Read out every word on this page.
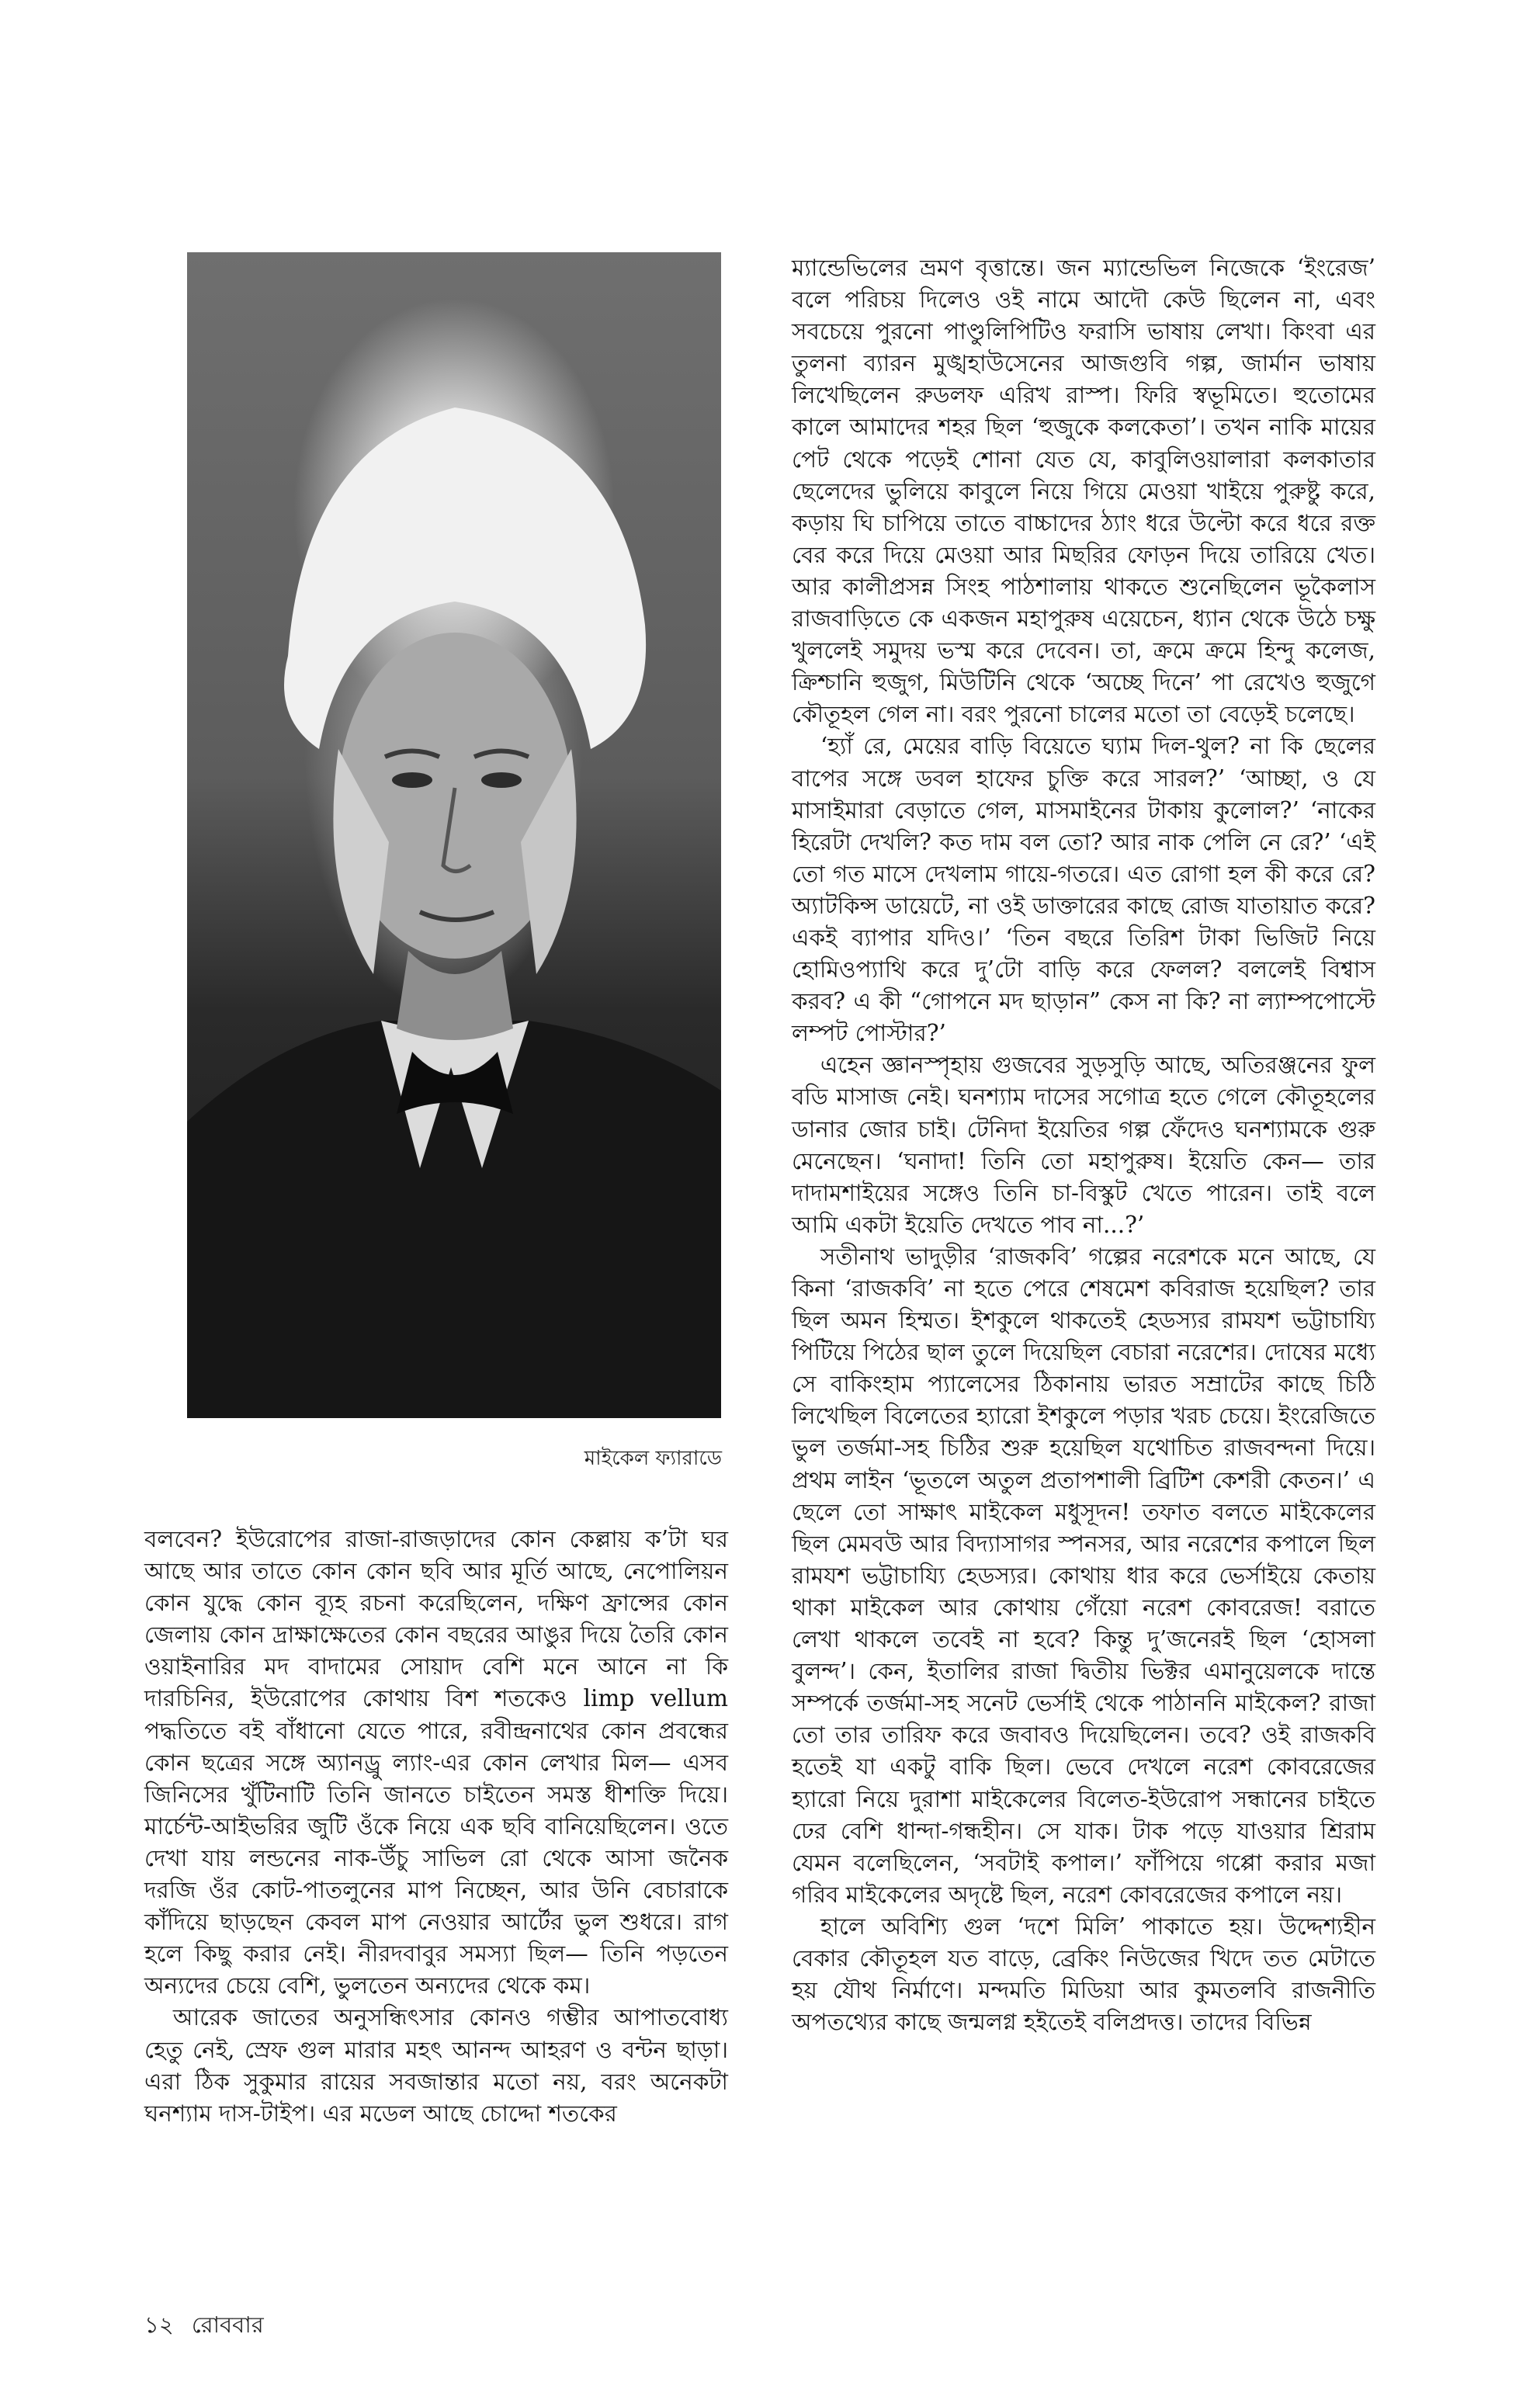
মাইকেল ফ্যারাডে

বলবেন? ইউরোপের রাজা-রাজড়াদের কোন কেল্লায় ক’টা ঘর আছে আর তাতে কোন কোন ছবি আর মূর্তি আছে, নেপোলিয়ন কোন যুদ্ধে কোন ব্যূহ রচনা করেছিলেন, দক্ষিণ ফ্রান্সের কোন জেলায় কোন দ্রাক্ষাক্ষেতের কোন বছরের আঙুর দিয়ে তৈরি কোন ওয়াইনারির মদ বাদামের সোয়াদ বেশি মনে আনে না কি দারচিনির, ইউরোপের কোথায় বিশ শতকেও limp vellum পদ্ধতিতে বই বাঁধানো যেতে পারে, রবীন্দ্রনাথের কোন প্রবন্ধের কোন ছত্রের সঙ্গে অ্যানড্রু ল্যাং-এর কোন লেখার মিল— এসব জিনিসের খুঁটিনাটি তিনি জানতে চাইতেন সমস্ত ধীশক্তি দিয়ে। মার্চেন্ট-আইভরির জুটি ওঁকে নিয়ে এক ছবি বানিয়েছিলেন। ওতে দেখা যায় লন্ডনের নাক-উঁচু সাভিল রো থেকে আসা জনৈক দরজি ওঁর কোট-পাতলুনের মাপ নিচ্ছেন, আর উনি বেচারাকে কাঁদিয়ে ছাড়ছেন কেবল মাপ নেওয়ার আর্টের ভুল শুধরে। রাগ হলে কিছু করার নেই। নীরদবাবুর সমস্যা ছিল— তিনি পড়তেন অন্যদের চেয়ে বেশি, ভুলতেন অন্যদের থেকে কম।

আরেক জাতের অনুসন্ধিৎসার কোনও গম্ভীর আপাতবোধ্য হেতু নেই, স্রেফ গুল মারার মহৎ আনন্দ আহরণ ও বন্টন ছাড়া। এরা ঠিক সুকুমার রায়ের সবজান্তার মতো নয়, বরং অনেকটা ঘনশ্যাম দাস-টাইপ। এর মডেল আছে চোদ্দো শতকের

ম্যান্ডেভিলের ভ্রমণ বৃত্তান্তে। জন ম্যান্ডেভিল নিজেকে ‘ইংরেজ’ বলে পরিচয় দিলেও ওই নামে আদৌ কেউ ছিলেন না, এবং সবচেয়ে পুরনো পাণ্ডুলিপিটিও ফরাসি ভাষায় লেখা। কিংবা এর তুলনা ব্যারন মুঙ্খহাউসেনের আজগুবি গল্প, জার্মান ভাষায় লিখেছিলেন রুডলফ এরিখ রাস্প। ফিরি স্বভূমিতে। হুতোমের কালে আমাদের শহর ছিল ‘হুজুকে কলকেতা’। তখন নাকি মায়ের পেট থেকে পড়েই শোনা যেত যে, কাবুলিওয়ালারা কলকাতার ছেলেদের ভুলিয়ে কাবুলে নিয়ে গিয়ে মেওয়া খাইয়ে পুরুষ্টু করে, কড়ায় ঘি চাপিয়ে তাতে বাচ্চাদের ঠ্যাং ধরে উল্টো করে ধরে রক্ত বের করে দিয়ে মেওয়া আর মিছরির ফোড়ন দিয়ে তারিয়ে খেত। আর কালীপ্রসন্ন সিংহ পাঠশালায় থাকতে শুনেছিলেন ভূকৈলাস রাজবাড়িতে কে একজন মহাপুরুষ এয়েচেন, ধ্যান থেকে উঠে চক্ষু খুললেই সমুদয় ভস্ম করে দেবেন। তা, ক্রমে ক্রমে হিন্দু কলেজ, ক্রিশ্চানি হুজুগ, মিউটিনি থেকে ‘অচ্ছে দিনে’ পা রেখেও হুজুগে কৌতূহল গেল না। বরং পুরনো চালের মতো তা বেড়েই চলেছে।

‘হ্যাঁ রে, মেয়ের বাড়ি বিয়েতে ঘ্যাম দিল-থুল? না কি ছেলের বাপের সঙ্গে ডবল হাফের চুক্তি করে সারল?’ ‘আচ্ছা, ও যে মাসাইমারা বেড়াতে গেল, মাসমাইনের টাকায় কুলোল?’ ‘নাকের হিরেটা দেখলি? কত দাম বল তো? আর নাক পেলি নে রে?’ ‘এই তো গত মাসে দেখলাম গায়ে-গতরে। এত রোগা হল কী করে রে? অ্যাটকিন্স ডায়েটে, না ওই ডাক্তারের কাছে রোজ যাতায়াত করে? একই ব্যাপার যদিও।’ ‘তিন বছরে তিরিশ টাকা ভিজিট নিয়ে হোমিওপ্যাথি করে দু’টো বাড়ি করে ফেলল? বললেই বিশ্বাস করব? এ কী “গোপনে মদ ছাড়ান” কেস না কি? না ল্যাম্পপোস্টে লম্পট পোস্টার?’

এহেন জ্ঞানস্পৃহায় গুজবের সুড়সুড়ি আছে, অতিরঞ্জনের ফুল বডি মাসাজ নেই। ঘনশ্যাম দাসের সগোত্র হতে গেলে কৌতূহলের ডানার জোর চাই। টেনিদা ইয়েতির গল্প ফেঁদেও ঘনশ্যামকে গুরু মেনেছেন। ‘ঘনাদা! তিনি তো মহাপুরুষ। ইয়েতি কেন— তার দাদামশাইয়ের সঙ্গেও তিনি চা-বিস্কুট খেতে পারেন। তাই বলে আমি একটা ইয়েতি দেখতে পাব না...?’

সতীনাথ ভাদুড়ীর ‘রাজকবি’ গল্পের নরেশকে মনে আছে, যে কিনা ‘রাজকবি’ না হতে পেরে শেষমেশ কবিরাজ হয়েছিল? তার ছিল অমন হিম্মত। ইশকুলে থাকতেই হেডস্যর রামযশ ভট্টাচায্যি পিটিয়ে পিঠের ছাল তুলে দিয়েছিল বেচারা নরেশের। দোষের মধ্যে সে বাকিংহাম প্যালেসের ঠিকানায় ভারত সম্রাটের কাছে চিঠি লিখেছিল বিলেতের হ্যারো ইশকুলে পড়ার খরচ চেয়ে। ইংরেজিতে ভুল তর্জমা-সহ চিঠির শুরু হয়েছিল যথোচিত রাজবন্দনা দিয়ে। প্রথম লাইন ‘ভূতলে অতুল প্রতাপশালী ব্রিটিশ কেশরী কেতন।’ এ ছেলে তো সাক্ষাৎ মাইকেল মধুসূদন! তফাত বলতে মাইকেলের ছিল মেমবউ আর বিদ্যাসাগর স্পনসর, আর নরেশের কপালে ছিল রামযশ ভট্টাচায্যি হেডস্যর। কোথায় ধার করে ভের্সাইয়ে কেতায় থাকা মাইকেল আর কোথায় গেঁয়ো নরেশ কোবরেজ! বরাতে লেখা থাকলে তবেই না হবে? কিন্তু দু’জনেরই ছিল ‘হোসলা বুলন্দ’। কেন, ইতালির রাজা দ্বিতীয় ভিক্টর এমানুয়েলকে দান্তে সম্পর্কে তর্জমা-সহ সনেট ভের্সাই থেকে পাঠাননি মাইকেল? রাজা তো তার তারিফ করে জবাবও দিয়েছিলেন। তবে? ওই রাজকবি হতেই যা একটু বাকি ছিল। ভেবে দেখলে নরেশ কোবরেজের হ্যারো নিয়ে দুরাশা মাইকেলের বিলেত-ইউরোপ সন্ধানের চাইতে ঢের বেশি ধান্দা-গন্ধহীন। সে যাক। টাক পড়ে যাওয়ার শ্রিরাম যেমন বলেছিলেন, ‘সবটাই কপাল।’ ফাঁপিয়ে গপ্পো করার মজা গরিব মাইকেলের অদৃষ্টে ছিল, নরেশ কোবরেজের কপালে নয়।

হালে অবিশ্যি গুল ‘দশে মিলি’ পাকাতে হয়। উদ্দেশ্যহীন বেকার কৌতূহল যত বাড়ে, ব্রেকিং নিউজের খিদে তত মেটাতে হয় যৌথ নির্মাণে। মন্দমতি মিডিয়া আর কুমতলবি রাজনীতি অপতথ্যের কাছে জন্মলগ্ন হইতেই বলিপ্রদত্ত। তাদের বিভিন্ন

১২ রোববার
